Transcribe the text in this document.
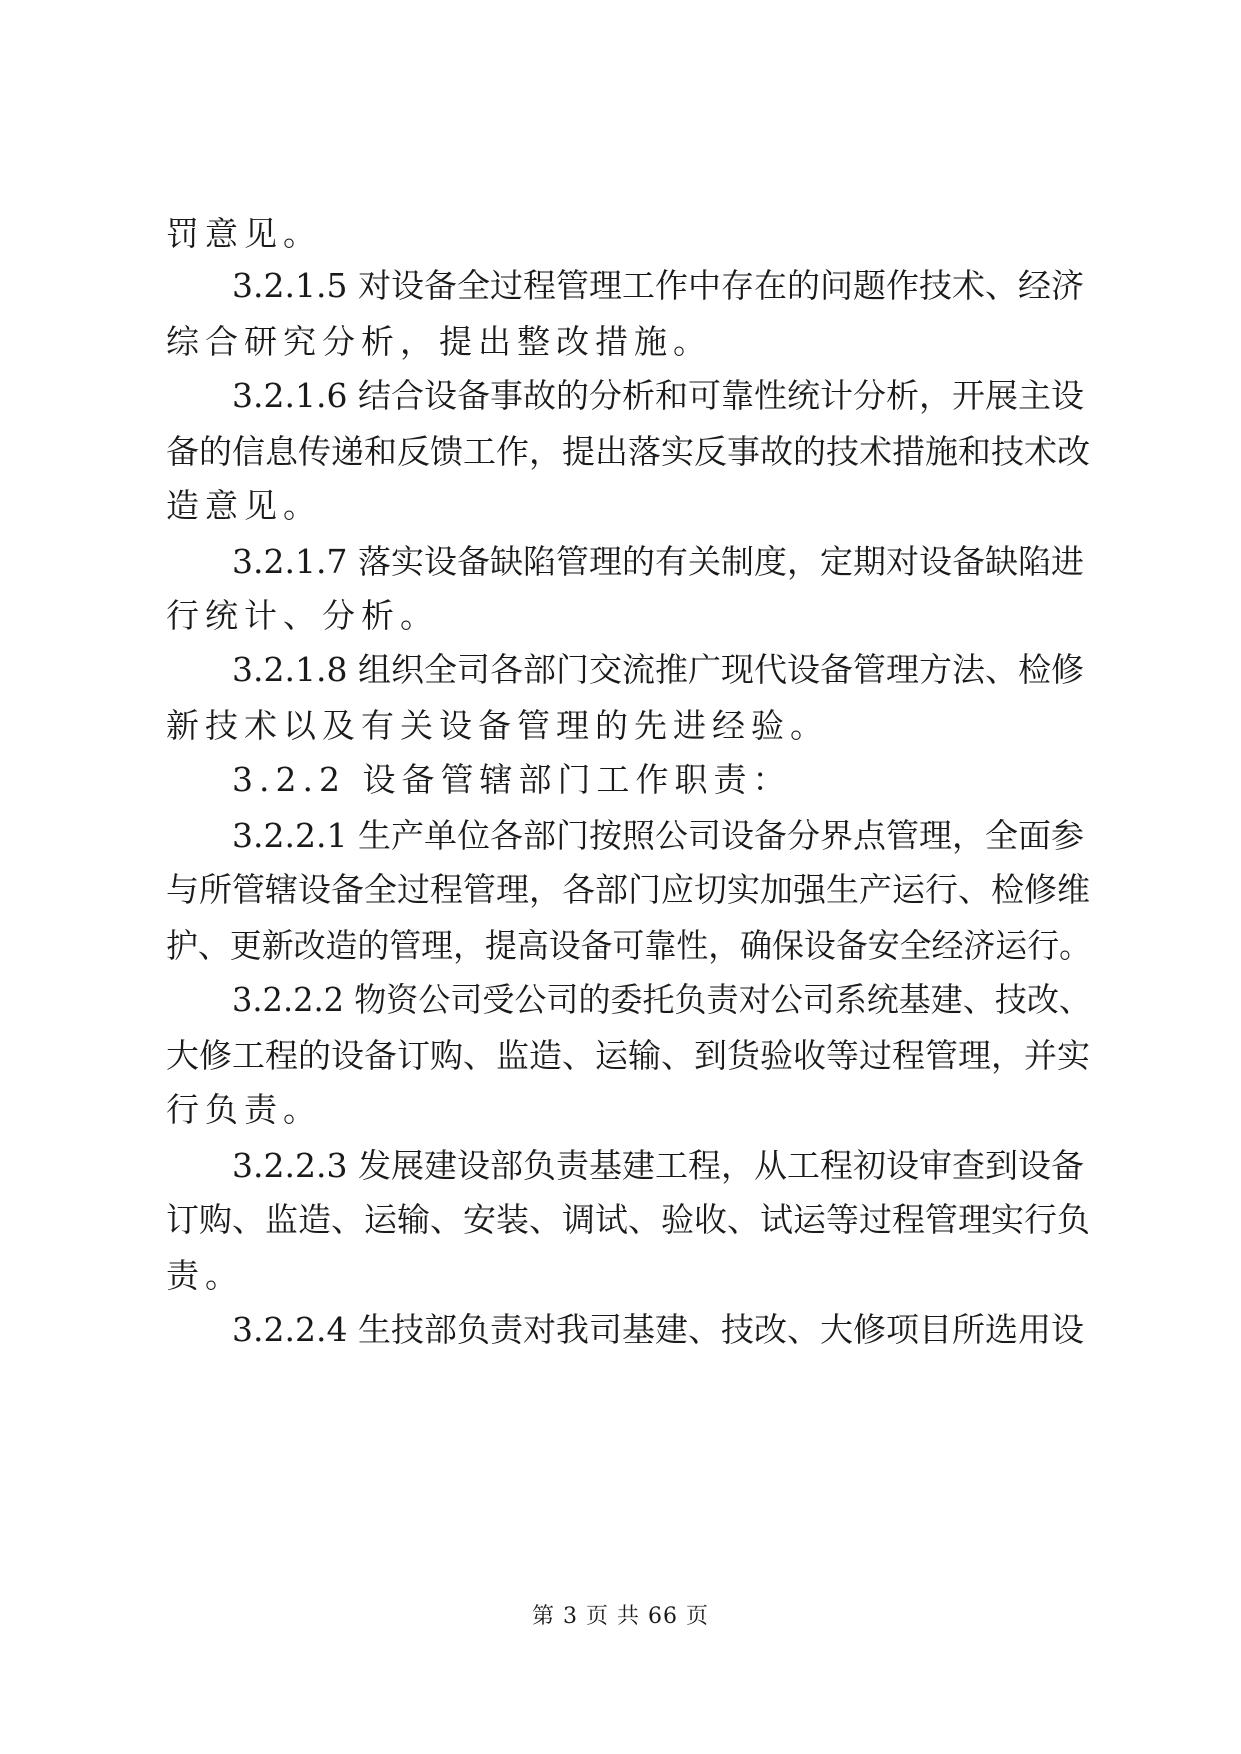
罚意见。
3.2.1.5 对设备全过程管理工作中存在的问题作技术、经济
综合研究分析，提出整改措施。
3.2.1.6 结合设备事故的分析和可靠性统计分析，开展主设
备的信息传递和反馈工作，提出落实反事故的技术措施和技术改
造意见。
3.2.1.7 落实设备缺陷管理的有关制度，定期对设备缺陷进
行统计、分析。
3.2.1.8 组织全司各部门交流推广现代设备管理方法、检修
新技术以及有关设备管理的先进经验。
3.2.2 设备管辖部门工作职责：
3.2.2.1 生产单位各部门按照公司设备分界点管理，全面参
与所管辖设备全过程管理，各部门应切实加强生产运行、检修维
护、更新改造的管理，提高设备可靠性，确保设备安全经济运行。
3.2.2.2 物资公司受公司的委托负责对公司系统基建、技改、
大修工程的设备订购、监造、运输、到货验收等过程管理，并实
行负责。
3.2.2.3 发展建设部负责基建工程，从工程初设审查到设备
订购、监造、运输、安装、调试、验收、试运等过程管理实行负
责。
3.2.2.4 生技部负责对我司基建、技改、大修项目所选用设
第 3 页 共 66 页
